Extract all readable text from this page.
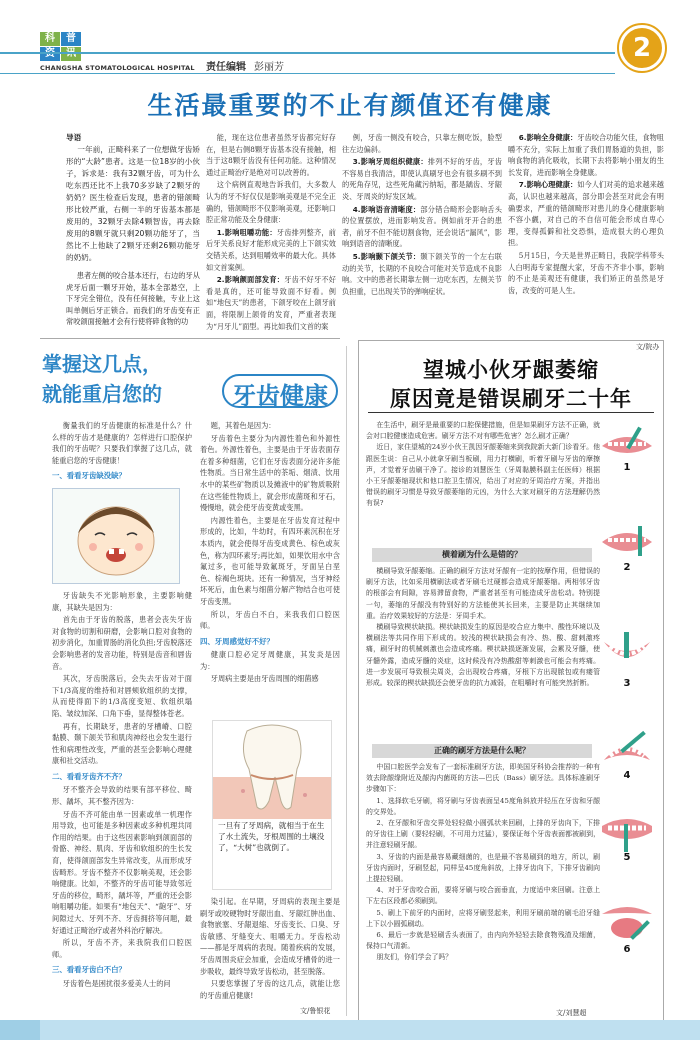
科	普
CHANGSHA STOMATOLOGICAL HOSPITAL 责任编辑 彭丽芳
2
生活最重要的不止有颜值还有健康
导语

一年前，正畸科来了一位想做牙齿矫形的“大龄”患者。这是一位18岁的小伙子，诉求是：我有32颗牙齿，可为什么吃东西还比不上我70多岁缺了2颗牙的奶奶？医生检查后发现，患者的错颌畸形比较严重，右侧一半的牙齿基本都是废用的，32颗牙去除4颗智齿，再去除废用的8颗牙就只剩20颗功能牙了，当然比不上他缺了2颗牙还剩26颗功能牙的奶奶。

患者左侧的咬合基本还行，右边的牙从虎牙后面一颗牙开始，基本全部悬空，上下牙完全错位，没有任何接触，专业上这叫单侧后牙正锁合。而我们的牙齿变有正常咬颌面接触才会有行使将碎食物的功

能，现在这位患者虽然牙齿都完好存在，但是右侧8颗牙齿基本没有接触，相当于这8颗牙齿没有任何功能。这种情况通过正畸治疗是绝对可以改善的。

这个病例直观地告诉我们，大多数人认为的牙不好仅仅是影响美观是不完全正确的，错颌畸形不仅影响美观，还影响口腔正常功能及全身健康：

1.影响咀嚼功能：牙齿排列整齐，前后牙关系良好才能形成完美的上下颌实效交错关系，达到咀嚼效率的最大化。具体如文首案例。

2.影响颜面部发育：牙齿不好牙不好看是真的，还可能导致面不好看。例如“地包天”的患者，下颌牙咬在上颌牙前面，将限制上颌骨的发育，严重者表现为“月牙儿”面型。再比如我们文首的案

例，牙齿一侧没有咬合，只靠左侧吃饭，脸型往左边偏斜。

3.影响牙周组织健康：排列不好的牙齿，牙齿不容易自我清洁，即使认真刷牙也会有很多刷不到的死角存见，这些死角藏污纳垢，都是龋齿、牙龈炎、牙周炎的好发区域。

4.影响语音清晰度：部分错合畸形会影响舌头的位置摆放，进而影响发音。例如前牙开合的患者，前牙不但不能切割食物，还会说话“漏风”，影响到语音的清晰度。

5.影响颞下颌关节：颞下颌关节的一个左右联动的关节，长期的不良咬合可能对关节造成不良影响。文中的患者长期靠左侧一边吃东西，左侧关节负担重，已出现关节的弹响症状。

6.影响全身健康：牙齿咬合功能欠佳，食物咀嚼不充分，实际上加重了我们胃肠道的负担，影响食物的消化吸收，长期下去将影响小朋友的生长发育，进而影响全身健康。

7.影响心理健康：如今人们对美的追求越来越高，认识也越来越高，部分即会甚至对此会有明确要求，严重的错颌畸形对患儿的身心健康影响不容小觑，对自己的不自信可能会形成自卑心理，变得孤僻和社交恐惧，造成很大的心理负担。

5月15日，今天是世界正畸日，我院学科带头人白明海专家提醒大家，牙齿不齐非小事，影响的不止是美观还有健康，我们矫正的虽然是牙齿，改变的可是人生。

文/院办
掌握这几点，
就能重启您的	牙齿健康

衡量我们的牙齿健康的标准是什么？什么样的牙齿才是健康的？怎样进行口腔保护我们的牙齿呢？只要我们掌握了这几点，就能重启您的牙齿健康！

一、看看牙齿缺没缺？

牙齿缺失不光影响形象，主要影响健康，其缺失是因为：

首先由于牙齿的脱落，患者会丧失牙齿对食物的切割和研磨，会影响口腔对食物的初步消化，加重胃肠的消化负担;牙齿脱落还会影响患者的发音功能，特别是齿音和唇齿音。

其次，牙齿脱落后，会失去牙齿对于面下1/3高度的维持和对唇颊软组织的支撑，从而使得面下的1/3高度变短、软组织塌陷、皱纹加深、口角下垂，显得整体苍老。

再有，长期缺牙，患者的牙槽嵴、口腔黏膜、颞下颌关节和肌肉神经也会发生退行性和病理性改变，严重的甚至会影响心理健康和社交活动。

二、看看牙齿齐不齐？

牙不整齐会导致的结果有部平移位、畸形、龋坏，其不整齐因为：

牙齿不齐可能由单一因素或单一机理作用导致，也可能是多种因素或多种机理共同作用的结果。由于这些因素影响到颌面部的骨骼、神经、肌肉、牙齿和软组织的生长发育，使得颌面部发生异常改变，从而形成牙齿畸形。牙齿不整齐不仅影响美观，还会影响健康。比如，不整齐的牙齿可能导致邻近牙齿的移位，畸形，龋坏等，严重的还会影响咀嚼功能。如果有“地包天”、“龅牙”、牙间隙过大、牙列不齐、牙齿拥挤等问题，最好通过正畸治疗或者外科治疗解决。

所以，牙齿不齐，来我院我们口腔医师。

三、看看牙齿白不白？

牙齿着色是困扰很多爱美人士的问

题，其着色是因为：

牙齿着色主要分为内源性着色和外源性着色。外源性着色，主要是由于牙齿表面存在着多种细菌，它们在牙齿表面分泌许多能性物质。当日常生活中的茶垢、烟渍、饮用水中的某些矿物质以及摊液中的矿物质吸附在这些能性物质上，就会形成菌斑和牙石，慢慢地，就会使牙齿变黄或变黑。

内源性着色，主要是在牙齿发育过程中形成的，比如，牛幼时，有四环素沉积在牙本质内，就会使得牙齿变成黄色、棕色或灰色，称为四环素牙;再比如，如果饮用水中含氟过多，也可能导致氟斑牙，牙面呈白垩色、棕褐色斑块。还有一种情况，当牙神经坏死后，血色素与细菌分解产物结合也可使牙齿变黑。

所以，牙齿白不白，来我我们口腔医师。

四、牙周感觉好不好？

健康口腔必定牙周健康，其发炎是因为：

牙周病主要是由牙齿周围的细菌感

一旦有了牙周病，就相当于在生了水土流失，牙根周围的土壤没了，“大树”也就倒了。

染引起。在早期，牙周病的表现主要是刷牙或咬硬物时牙龈出血、牙龈红肿出血、食物嵌塞、牙龈退缩、牙齿变长、口臭、牙齿敏感、牙缝变大、咀嚼无力。牙齿松动——都是牙周病的表现。随着疾病的发展，牙齿周围炎症会加重，会造成牙槽骨的进一步吸收，最终导致牙齿松动，甚至脱落。

只要您掌握了牙齿的这几点，就能让您的牙齿重启健康!

文/鲁银花
望城小伙牙龈萎缩
原因竟是错误刷牙二十年

在生活中，刷牙是最重要的口腔保健措施，但是如果刷牙方法不正确，就会对口腔健康造成危害。刷牙方法不对有哪些危害？怎么刷才正确？

近日，家住望城的24岁小伙王凯因牙龈萎缩来到我院新大新门诊看牙。他跟医生说：自己从小就拿牙刷当板刷，用力打横刷，听着牙刷与牙齿的摩擦声，才觉着牙齿刷干净了。接诊的刘慧医生（牙周黏膜科副主任医师）根据小王牙龈萎缩现状和他口腔卫生情况，给出了对应的牙周治疗方案，并指出错误的刷牙习惯是导致牙龈萎缩的元凶，为什么大家对刷牙的方法理解仍然有误?

横着刷为什么是错的？

横刷导致牙龈萎缩。正确的刷牙方法对牙龈有一定的按摩作用，但错误的刷牙方法，比如采用横刷法或者牙刷毛过硬都会造成牙龈萎缩。两相邻牙齿的根部会有间隙，容易滞留食物，严重者甚至有可能造成牙齿松动。特别提一句，萎缩的牙龈没有特别好的方法能使其长回来，主要是防止其继续加重。治疗效果较好的方法是：牙周手术。

横刷导致楔状缺损。楔状缺损发生的原因是咬合应力集中、酸性环境以及横刷法等共同作用下形成的。较浅的楔状缺损会有冷、热、酸、甜刺激疼痛，刷牙时的机械刺激也会造成疼痛。楔状缺损逐渐发展，会累及牙髓，使牙髓外露，造成牙髓的炎症，这时候没有冷热酸甜等刺激也可能会有疼痛。进一步发展可导致根尖周炎，会出现咬合疼痛，牙根下方出现脓包或有瘘管形成。较深的楔状缺损还会使牙齿的抗力减弱，在咀嚼时有可能突然折断。

正确的刷牙方法是什么呢？

中国口腔医学会发布了一套标准刷牙方法，即美国牙科协会推荐的一种有效去除龈缘附近及龈沟内菌斑的方法—巴氏（Bass）刷牙法。具体标准刷牙步骤如下：

1、选择软毛牙刷，将牙刷与牙齿表面呈45度角斜放并轻压在牙齿和牙龈的交界处。

2、在牙龈和牙齿交界处轻轻做小圆弧状来回刷，上排的牙齿向下，下排的牙齿往上刷（要轻轻刷，不可用力过猛），要保证每个牙齿表面都被刷到，并注意轻刷牙龈。

3、牙齿的内面是最容易藏细菌的，也是最不容易刷到的地方，所以，刷牙齿内面时，牙刷竖起，同样呈45度角斜放，上排牙齿向下，下排牙齿刷向上提拉轻刷。

4、对于牙齿咬合面，要将牙刷与咬合面垂直，力度适中来回刷。注意上下左右区段都必须刷到。

5、刷上下前牙的内面时，应将牙刷竖起来，利用牙刷前端的刷毛沿牙缝上下以小圆弧刷动。

6、最后一步就是轻刷舌头表面了，由内向外轻轻去除食物残渣及细菌，保持口气清新。

朋友们，你们学会了吗？

文/刘慧超
1
2
3
4
5
6
